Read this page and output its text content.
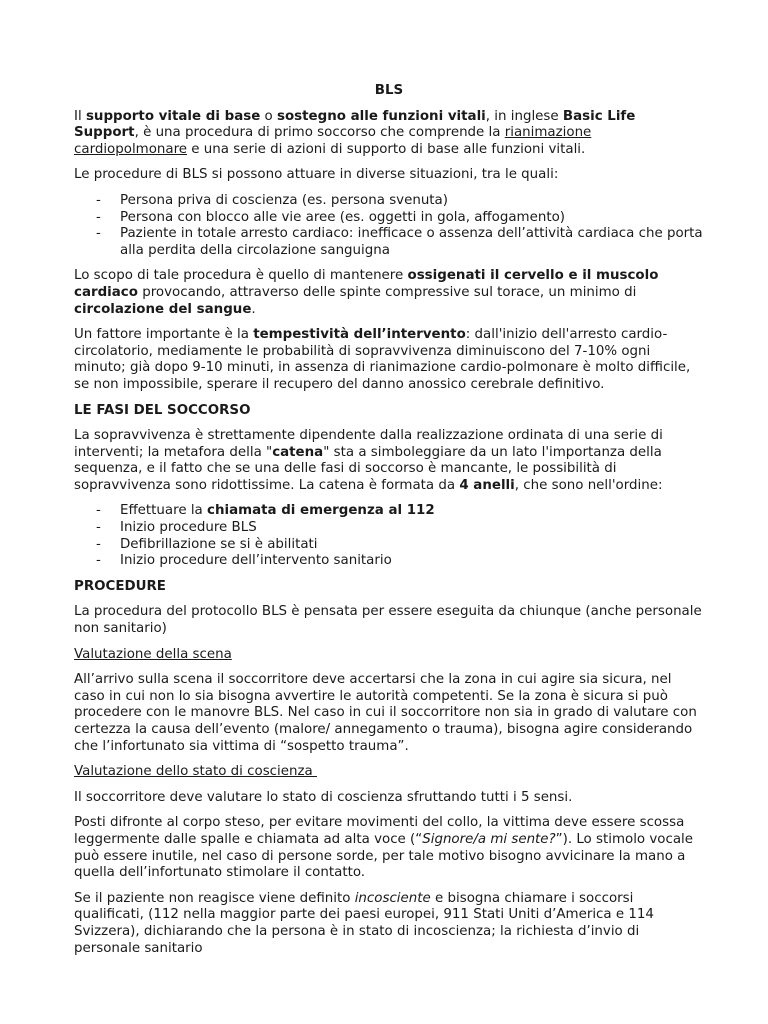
BLS

Il supporto vitale di base o sostegno alle funzioni vitali, in inglese Basic Life Support, è una procedura di primo soccorso che comprende la rianimazione cardiopolmonare e una serie di azioni di supporto di base alle funzioni vitali.

Le procedure di BLS si possono attuare in diverse situazioni, tra le quali:

- Persona priva di coscienza (es. persona svenuta)
- Persona con blocco alle vie aree (es. oggetti in gola, affogamento)
- Paziente in totale arresto cardiaco: inefficace o assenza dell’attività cardiaca che porta alla perdita della circolazione sanguigna

Lo scopo di tale procedura è quello di mantenere ossigenati il cervello e il muscolo cardiaco provocando, attraverso delle spinte compressive sul torace, un minimo di circolazione del sangue.

Un fattore importante è la tempestività dell’intervento: dall'inizio dell'arresto cardio-circolatorio, mediamente le probabilità di sopravvivenza diminuiscono del 7-10% ogni minuto; già dopo 9-10 minuti, in assenza di rianimazione cardio-polmonare è molto difficile, se non impossibile, sperare il recupero del danno anossico cerebrale definitivo.

LE FASI DEL SOCCORSO

La sopravvivenza è strettamente dipendente dalla realizzazione ordinata di una serie di interventi; la metafora della "catena" sta a simboleggiare da un lato l'importanza della sequenza, e il fatto che se una delle fasi di soccorso è mancante, le possibilità di sopravvivenza sono ridottissime. La catena è formata da 4 anelli, che sono nell'ordine:

- Effettuare la chiamata di emergenza al 112
- Inizio procedure BLS
- Defibrillazione se si è abilitati
- Inizio procedure dell’intervento sanitario
PROCEDURE

La procedura del protocollo BLS è pensata per essere eseguita da chiunque (anche personale non sanitario)

Valutazione della scena

All’arrivo sulla scena il soccorritore deve accertarsi che la zona in cui agire sia sicura, nel caso in cui non lo sia bisogna avvertire le autorità competenti. Se la zona è sicura si può procedere con le manovre BLS. Nel caso in cui il soccorritore non sia in grado di valutare con certezza la causa dell’evento (malore/ annegamento o trauma), bisogna agire considerando che l’infortunato sia vittima di “sospetto trauma”.

Valutazione dello stato di coscienza

Il soccorritore deve valutare lo stato di coscienza sfruttando tutti i 5 sensi.

Posti difronte al corpo steso, per evitare movimenti del collo, la vittima deve essere scossa leggermente dalle spalle e chiamata ad alta voce (“Signore/a mi sente?”). Lo stimolo vocale può essere inutile, nel caso di persone sorde, per tale motivo bisogno avvicinare la mano a quella dell’infortunato stimolare il contatto.

Se il paziente non reagisce viene definito incosciente e bisogna chiamare i soccorsi qualificati, (112 nella maggior parte dei paesi europei, 911 Stati Uniti d’America e 114 Svizzera), dichiarando che la persona è in stato di incoscienza; la richiesta d’invio di personale sanitario
